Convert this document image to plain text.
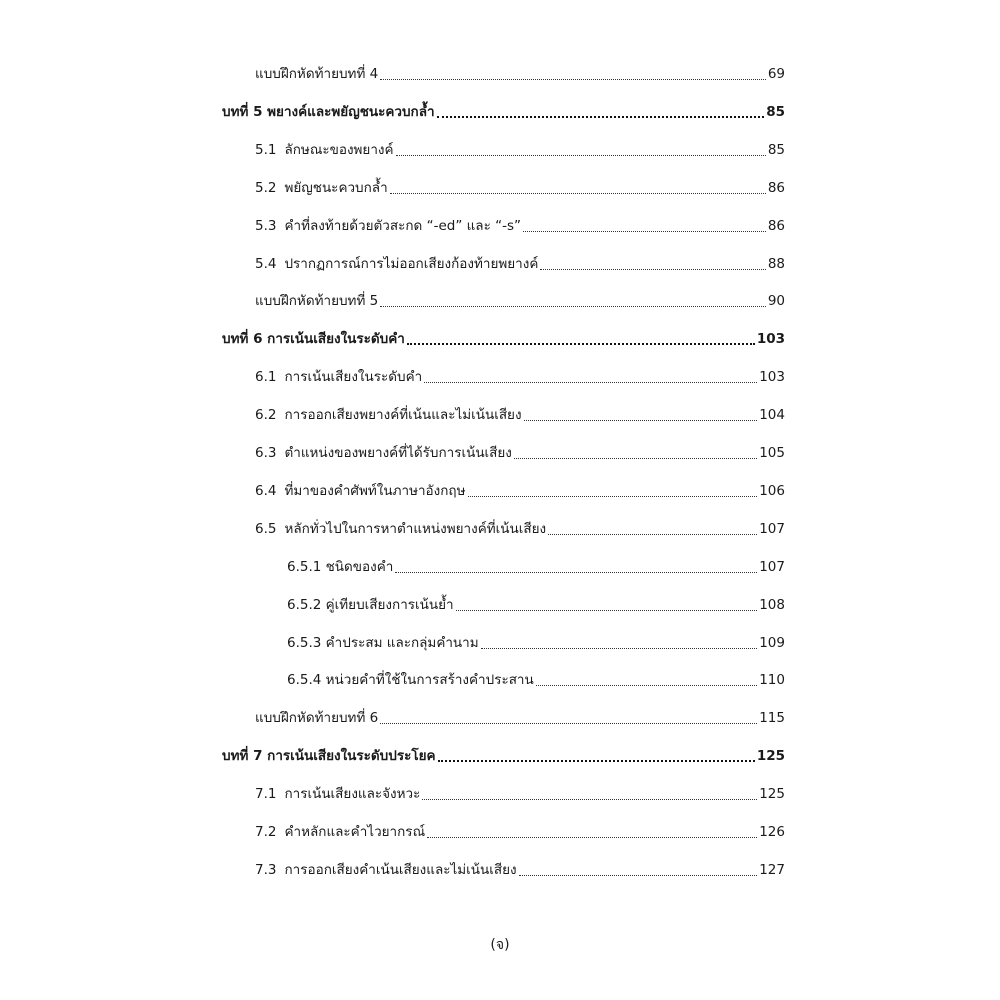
แบบฝึกหัดท้ายบทที่ 4	69
บทที่ 5 พยางค์และพยัญชนะควบกล้ำ	85
5.1 ลักษณะของพยางค์	85
5.2 พยัญชนะควบกล้ำ	86
5.3 คำที่ลงท้ายด้วยตัวสะกด “-ed” และ “-s”	86
5.4 ปรากฏการณ์การไม่ออกเสียงก้องท้ายพยางค์	88
แบบฝึกหัดท้ายบทที่ 5	90
บทที่ 6 การเน้นเสียงในระดับคำ	103
6.1 การเน้นเสียงในระดับคำ	103
6.2 การออกเสียงพยางค์ที่เน้นและไม่เน้นเสียง	104
6.3 ตำแหน่งของพยางค์ที่ได้รับการเน้นเสียง	105
6.4 ที่มาของคำศัพท์ในภาษาอังกฤษ	106
6.5 หลักทั่วไปในการหาตำแหน่งพยางค์ที่เน้นเสียง	107
6.5.1 ชนิดของคำ	107
6.5.2 คู่เทียบเสียงการเน้นย้ำ	108
6.5.3 คำประสม และกลุ่มคำนาม	109
6.5.4 หน่วยคำที่ใช้ในการสร้างคำประสาน	110
แบบฝึกหัดท้ายบทที่ 6	115
บทที่ 7 การเน้นเสียงในระดับประโยค	125
7.1 การเน้นเสียงและจังหวะ	125
7.2 คำหลักและคำไวยากรณ์	126
7.3 การออกเสียงคำเน้นเสียงและไม่เน้นเสียง	127
(จ)
